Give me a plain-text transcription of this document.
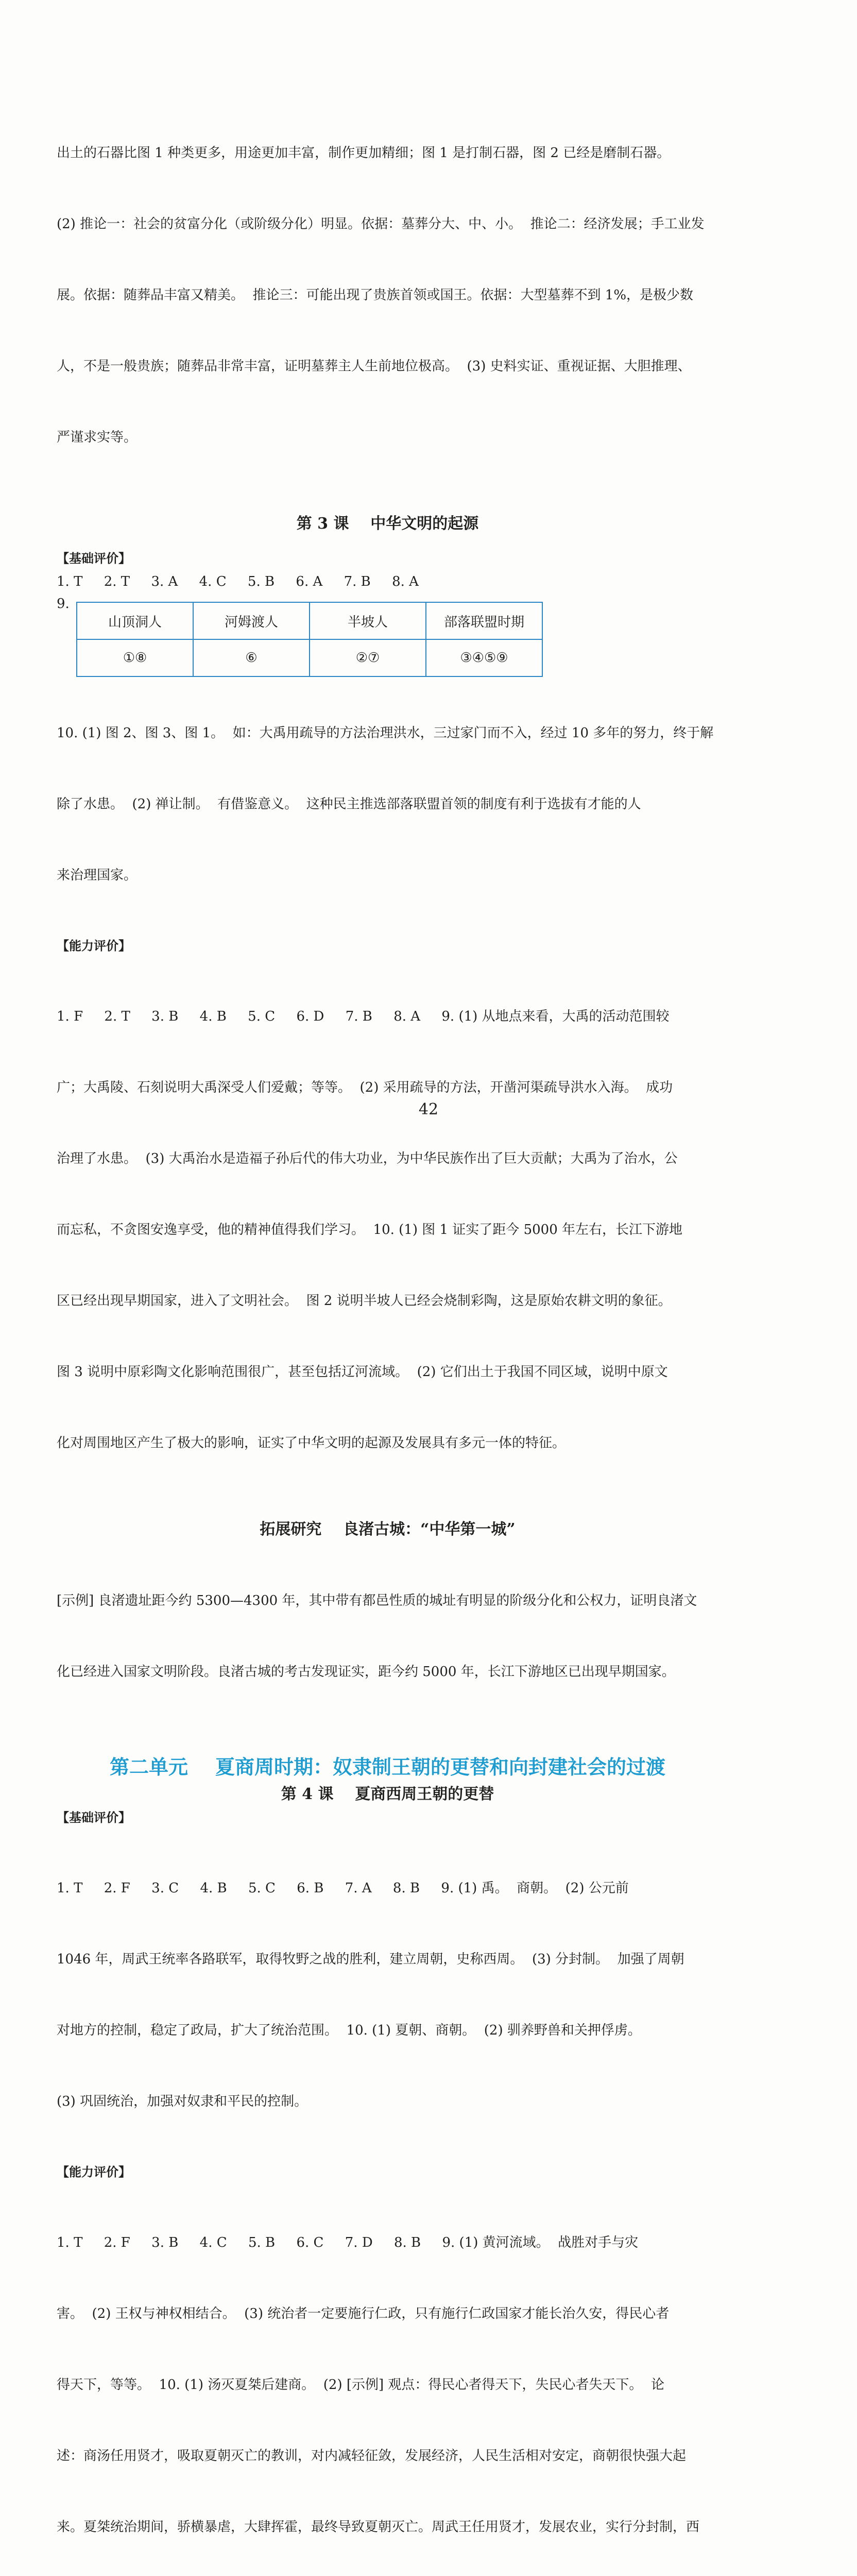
出土的石器比图 1 种类更多，用途更加丰富，制作更加精细；图 1 是打制石器，图 2 已经是磨制石器。

(2) 推论一：社会的贫富分化（或阶级分化）明显。依据：墓葬分大、中、小。  推论二：经济发展；手工业发

展。依据：随葬品丰富又精美。  推论三：可能出现了贵族首领或国王。依据：大型墓葬不到 1%，是极少数

人，不是一般贵族；随葬品非常丰富，证明墓葬主人生前地位极高。  (3) 史料实证、重视证据、大胆推理、

严谨求实等。

第 3 课    中华文明的起源

【基础评价】

1. T     2. T     3. A     4. C     5. B     6. A     7. B     8. A

9.
山顶洞人	河姆渡人	半坡人	部落联盟时期
①⑧	⑥	②⑦	③④⑤⑨

10. (1) 图 2、图 3、图 1。  如：大禹用疏导的方法治理洪水，三过家门而不入，经过 10 多年的努力，终于解

除了水患。  (2) 禅让制。  有借鉴意义。  这种民主推选部落联盟首领的制度有利于选拔有才能的人

来治理国家。

【能力评价】

1. F     2. T     3. B     4. B     5. C     6. D     7. B     8. A     9. (1) 从地点来看，大禹的活动范围较

广；大禹陵、石刻说明大禹深受人们爱戴；等等。  (2) 采用疏导的方法，开凿河渠疏导洪水入海。  成功

治理了水患。  (3) 大禹治水是造福子孙后代的伟大功业，为中华民族作出了巨大贡献；大禹为了治水，公

而忘私，不贪图安逸享受，他的精神值得我们学习。  10. (1) 图 1 证实了距今 5000 年左右，长江下游地

区已经出现早期国家，进入了文明社会。  图 2 说明半坡人已经会烧制彩陶，这是原始农耕文明的象征。

图 3 说明中原彩陶文化影响范围很广，甚至包括辽河流域。  (2) 它们出土于我国不同区域，说明中原文

化对周围地区产生了极大的影响，证实了中华文明的起源及发展具有多元一体的特征。

拓展研究    良渚古城：“中华第一城”

[示例] 良渚遗址距今约 5300—4300 年，其中带有都邑性质的城址有明显的阶级分化和公权力，证明良渚文

化已经进入国家文明阶段。良渚古城的考古发现证实，距今约 5000 年，长江下游地区已出现早期国家。

第二单元    夏商周时期：奴隶制王朝的更替和向封建社会的过渡
第 4 课    夏商西周王朝的更替

【基础评价】

1. T     2. F     3. C     4. B     5. C     6. B     7. A     8. B     9. (1) 禹。  商朝。  (2) 公元前

1046 年，周武王统率各路联军，取得牧野之战的胜利，建立周朝，史称西周。  (3) 分封制。  加强了周朝

对地方的控制，稳定了政局，扩大了统治范围。  10. (1) 夏朝、商朝。  (2) 驯养野兽和关押俘虏。

(3) 巩固统治，加强对奴隶和平民的控制。

【能力评价】

1. T     2. F     3. B     4. C     5. B     6. C     7. D     8. B     9. (1) 黄河流域。  战胜对手与灾

害。  (2) 王权与神权相结合。  (3) 统治者一定要施行仁政，只有施行仁政国家才能长治久安，得民心者

得天下，等等。  10. (1) 汤灭夏桀后建商。  (2) [示例] 观点：得民心者得天下，失民心者失天下。  论

述：商汤任用贤才，吸取夏朝灭亡的教训，对内减轻征敛，发展经济，人民生活相对安定，商朝很快强大起

来。夏桀统治期间，骄横暴虐，大肆挥霍，最终导致夏朝灭亡。周武王任用贤才，发展农业，实行分封制，西

42
